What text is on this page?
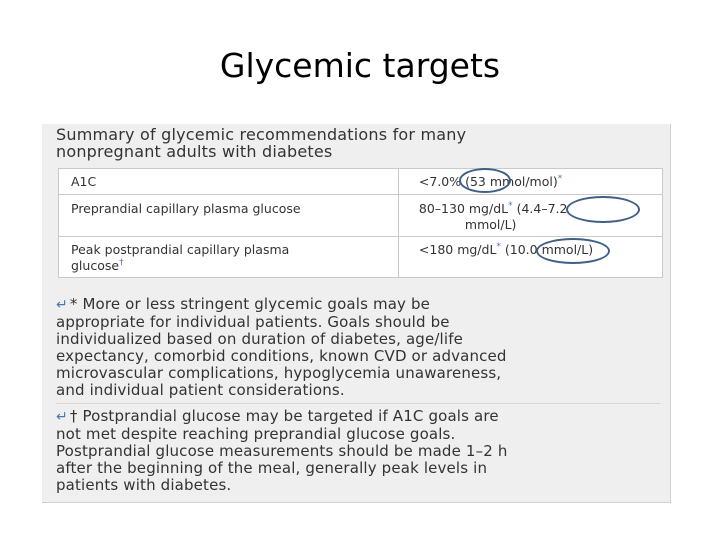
Glycemic targets
Summary of glycemic recommendations for many
nonpregnant adults with diabetes
A1C	<7.0% (53 mmol/mol)*
Preprandial capillary plasma glucose	80–130 mg/dL* (4.4–7.2
mmol/L)
Peak postprandial capillary plasma
glucose†	<180 mg/dL* (10.0 mmol/L)
↵ * More or less stringent glycemic goals may be
appropriate for individual patients. Goals should be
individualized based on duration of diabetes, age/life
expectancy, comorbid conditions, known CVD or advanced
microvascular complications, hypoglycemia unawareness,
and individual patient considerations.
↵ † Postprandial glucose may be targeted if A1C goals are
not met despite reaching preprandial glucose goals.
Postprandial glucose measurements should be made 1–2 h
after the beginning of the meal, generally peak levels in
patients with diabetes.
